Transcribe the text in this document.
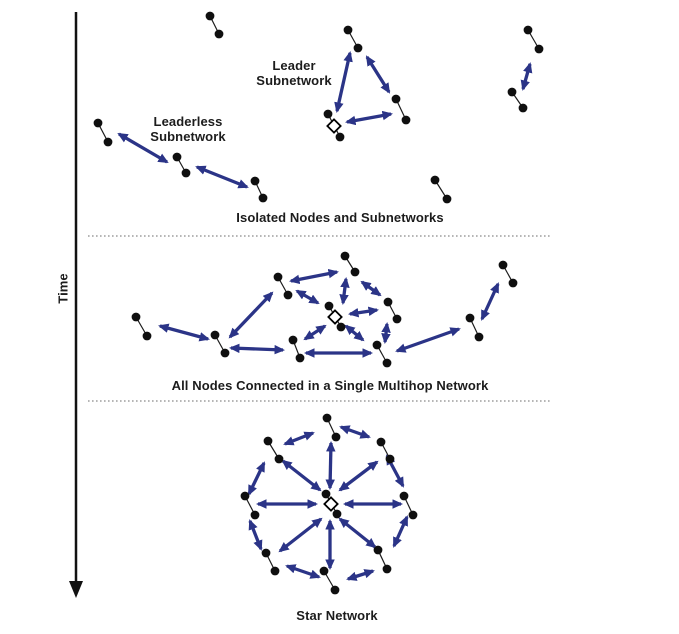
Time
Leader
Subnetwork
Leaderless
Subnetwork
Isolated Nodes and Subnetworks
All Nodes Connected in a Single Multihop Network
Star Network
